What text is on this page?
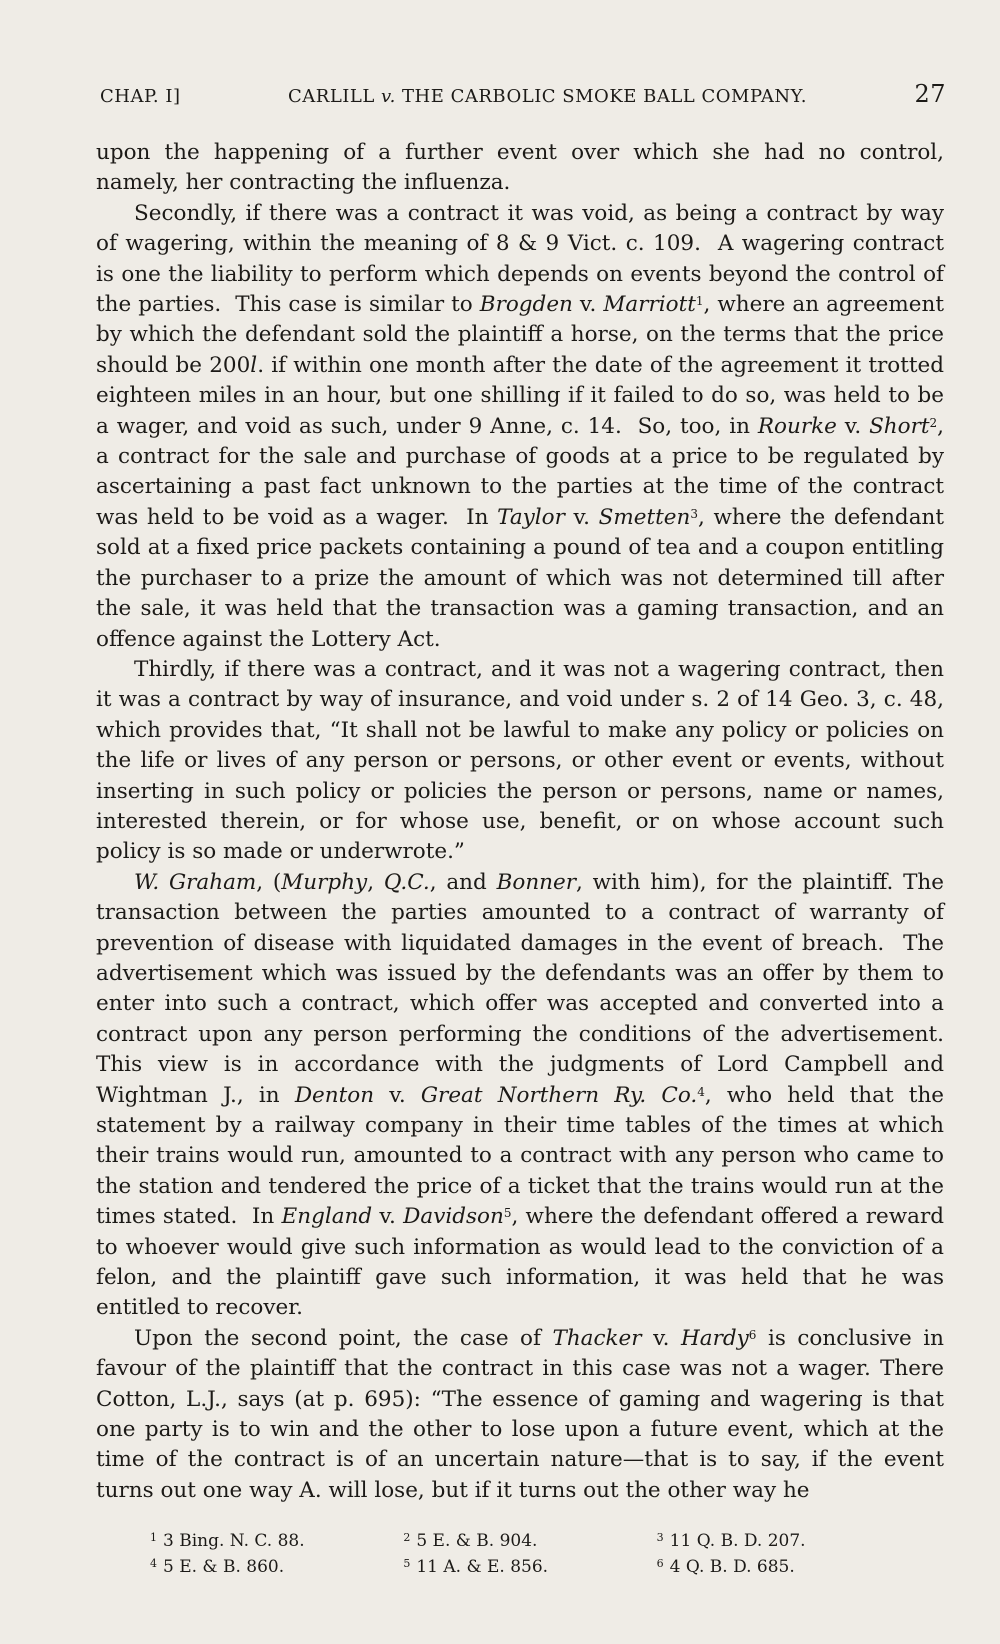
CHAP. I]	CARLILL v. THE CARBOLIC SMOKE BALL COMPANY.	27

upon the happening of a further event over which she had no control, namely, her contracting the influenza.

Secondly, if there was a contract it was void, as being a contract by way of wagering, within the meaning of 8 & 9 Vict. c. 109.  A wagering contract is one the liability to perform which depends on events beyond the control of the parties.  This case is similar to Brogden v. Marriott$^1$, where an agreement by which the defendant sold the plaintiff a horse, on the terms that the price should be 200l. if within one month after the date of the agreement it trotted eighteen miles in an hour, but one shilling if it failed to do so, was held to be a wager, and void as such, under 9 Anne, c. 14.  So, too, in Rourke v. Short$^2$, a contract for the sale and purchase of goods at a price to be regulated by ascertaining a past fact unknown to the parties at the time of the contract was held to be void as a wager.  In Taylor v. Smetten$^3$, where the defendant sold at a fixed price packets containing a pound of tea and a coupon entitling the purchaser to a prize the amount of which was not determined till after the sale, it was held that the transaction was a gaming transaction, and an offence against the Lottery Act.

Thirdly, if there was a contract, and it was not a wagering contract, then it was a contract by way of insurance, and void under s. 2 of 14 Geo. 3, c. 48, which provides that, “It shall not be lawful to make any policy or policies on the life or lives of any person or persons, or other event or events, without inserting in such policy or policies the person or persons, name or names, interested therein, or for whose use, benefit, or on whose account such policy is so made or underwrote.”

W. Graham, (Murphy, Q.C., and Bonner, with him), for the plaintiff. The transaction between the parties amounted to a contract of warranty of prevention of disease with liquidated damages in the event of breach.  The advertisement which was issued by the defendants was an offer by them to enter into such a contract, which offer was accepted and converted into a contract upon any person performing the conditions of the advertisement. This view is in accordance with the judgments of Lord Campbell and Wightman J., in Denton v. Great Northern Ry. Co.$^4$, who held that the statement by a railway company in their time tables of the times at which their trains would run, amounted to a contract with any person who came to the station and tendered the price of a ticket that the trains would run at the times stated.  In England v. Davidson$^5$, where the defendant offered a reward to whoever would give such information as would lead to the conviction of a felon, and the plaintiff gave such information, it was held that he was entitled to recover.

Upon the second point, the case of Thacker v. Hardy$^6$ is conclusive in favour of the plaintiff that the contract in this case was not a wager. There Cotton, L.J., says (at p. 695): “The essence of gaming and wagering is that one party is to win and the other to lose upon a future event, which at the time of the contract is of an uncertain nature—that is to say, if the event turns out one way A. will lose, but if it turns out the other way he

$^1$ 3 Bing. N. C. 88.	$^2$ 5 E. & B. 904.	$^3$ 11 Q. B. D. 207.
$^4$ 5 E. & B. 860.	$^5$ 11 A. & E. 856.	$^6$ 4 Q. B. D. 685.
